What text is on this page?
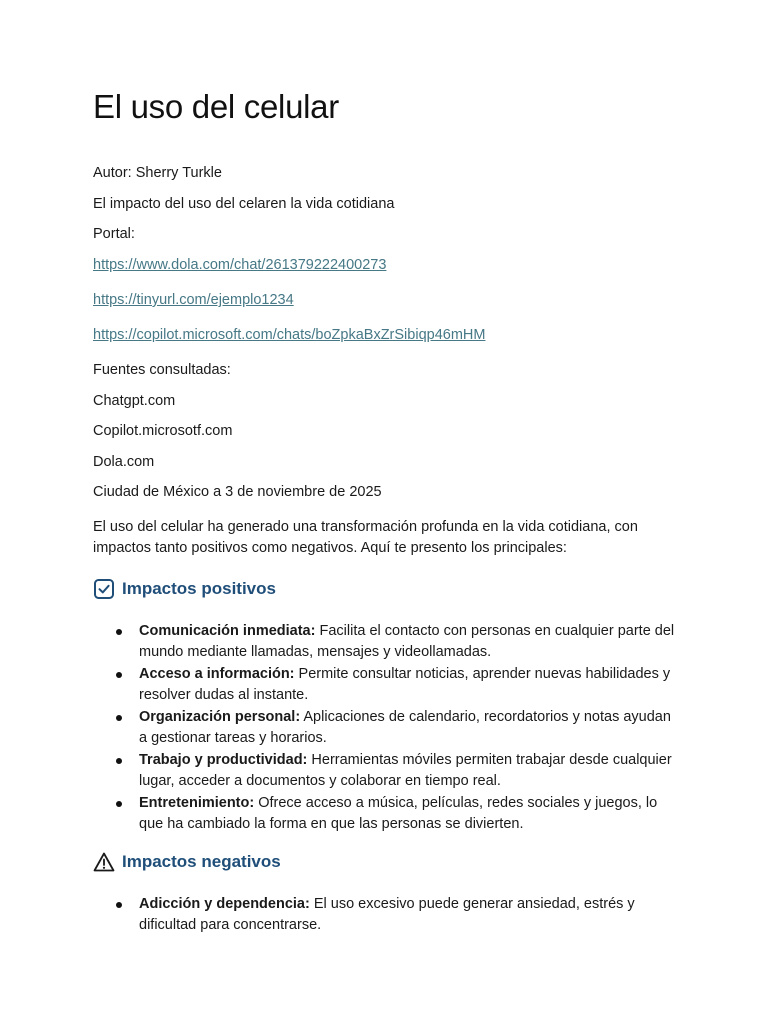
El uso del celular

Autor: Sherry Turkle

El impacto del uso del celaren la vida cotidiana

Portal:

https://www.dola.com/chat/261379222400273
https://tinyurl.com/ejemplo1234
https://copilot.microsoft.com/chats/boZpkaBxZrSibiqp46mHM

Fuentes consultadas:

Chatgpt.com

Copilot.microsotf.com

Dola.com

Ciudad de México a 3 de noviembre de 2025

El uso del celular ha generado una transformación profunda en la vida cotidiana, con impactos tanto positivos como negativos. Aquí te presento los principales:

Impactos positivos
Comunicación inmediata: Facilita el contacto con personas en cualquier parte del mundo mediante llamadas, mensajes y videollamadas.
Acceso a información: Permite consultar noticias, aprender nuevas habilidades y resolver dudas al instante.
Organización personal: Aplicaciones de calendario, recordatorios y notas ayudan a gestionar tareas y horarios.
Trabajo y productividad: Herramientas móviles permiten trabajar desde cualquier lugar, acceder a documentos y colaborar en tiempo real.
Entretenimiento: Ofrece acceso a música, películas, redes sociales y juegos, lo que ha cambiado la forma en que las personas se divierten.
Impactos negativos
Adicción y dependencia: El uso excesivo puede generar ansiedad, estrés y dificultad para concentrarse.
